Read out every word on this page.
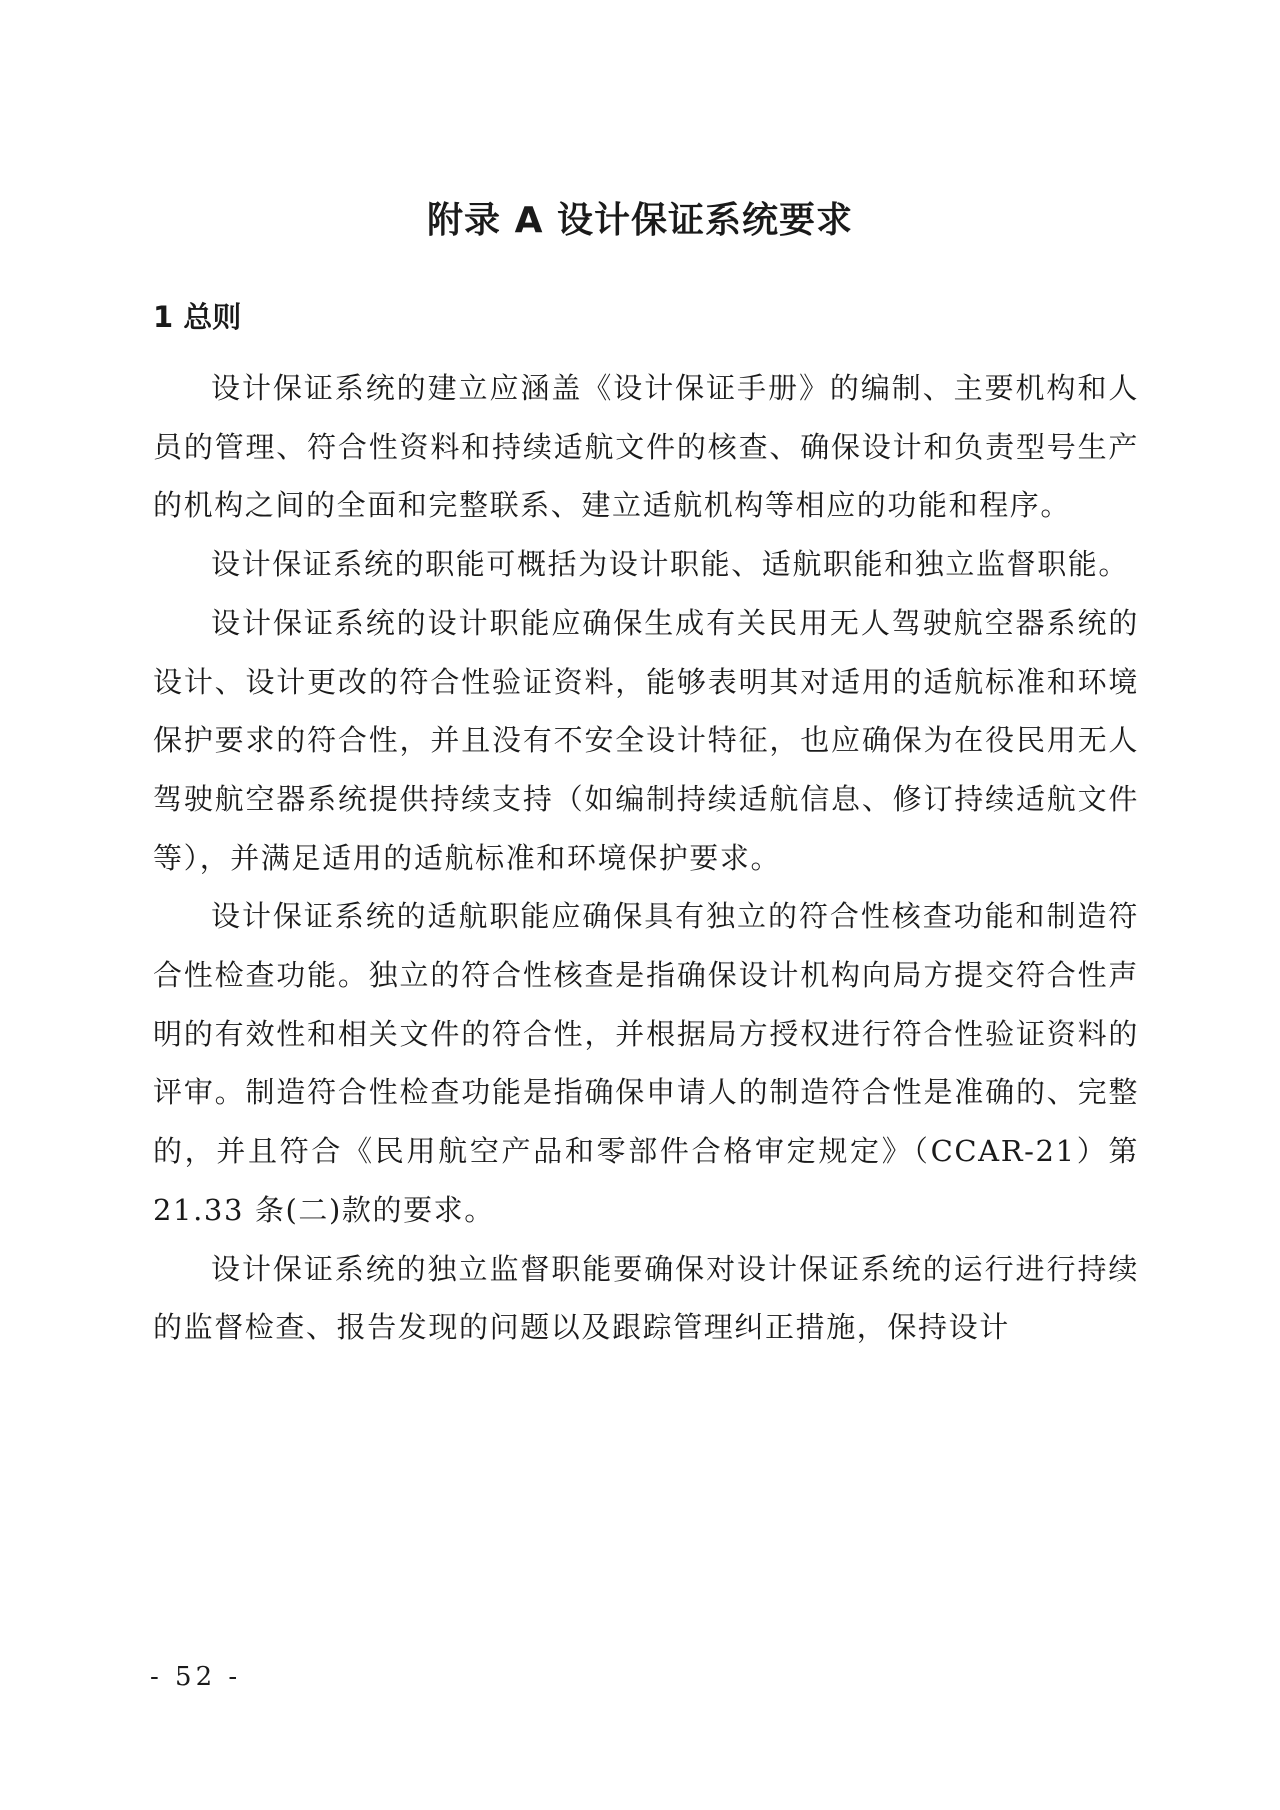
附录 A 设计保证系统要求
1 总则

设计保证系统的建立应涵盖《设计保证手册》的编制、主要机构和人员的管理、符合性资料和持续适航文件的核查、确保设计和负责型号生产的机构之间的全面和完整联系、建立适航机构等相应的功能和程序。

设计保证系统的职能可概括为设计职能、适航职能和独立监督职能。

设计保证系统的设计职能应确保生成有关民用无人驾驶航空器系统的设计、设计更改的符合性验证资料，能够表明其对适用的适航标准和环境保护要求的符合性，并且没有不安全设计特征，也应确保为在役民用无人驾驶航空器系统提供持续支持（如编制持续适航信息、修订持续适航文件等），并满足适用的适航标准和环境保护要求。

设计保证系统的适航职能应确保具有独立的符合性核查功能和制造符合性检查功能。独立的符合性核查是指确保设计机构向局方提交符合性声明的有效性和相关文件的符合性，并根据局方授权进行符合性验证资料的评审。制造符合性检查功能是指确保申请人的制造符合性是准确的、完整的，并且符合《民用航空产品和零部件合格审定规定》（CCAR-21）第 21.33 条(二)款的要求。

设计保证系统的独立监督职能要确保对设计保证系统的运行进行持续的监督检查、报告发现的问题以及跟踪管理纠正措施，保持设计

- 52 -
